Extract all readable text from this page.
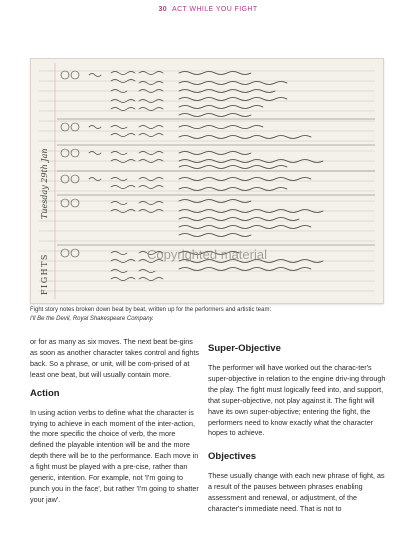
30 ACT WHILE YOU FIGHT
Tuesday 29th Jan
FIGHTS	Copyrighted material
Fight story notes broken down beat by beat, written up for the performers and artistic team:
I'll Be the Devil, Royal Shakespeare Company.

or for as many as six moves. The next beat be-gins as soon as another character takes control and fights back. So a phrase, or unit, will be com-prised of at least one beat, but will usually contain more.

Action

In using action verbs to define what the character is trying to achieve in each moment of the inter-action, the more specific the choice of verb, the more defined the playable intention will be and the more depth there will be to the performance. Each move in a fight must be played with a pre-cise, rather than generic, intention. For example, not 'I'm going to punch you in the face', but rather 'I'm going to shatter your jaw'.

Super-Objective

The performer will have worked out the charac-ter's super-objective in relation to the engine driv-ing through the play. The fight must logically feed into, and support, that super-objective, not play against it. The fight will have its own super-objective; entering the fight, the performers need to know exactly what the character hopes to achieve.

Objectives

These usually change with each new phrase of fight, as a result of the pauses between phrases enabling assessment and renewal, or adjustment, of the character's immediate need. That is not to
